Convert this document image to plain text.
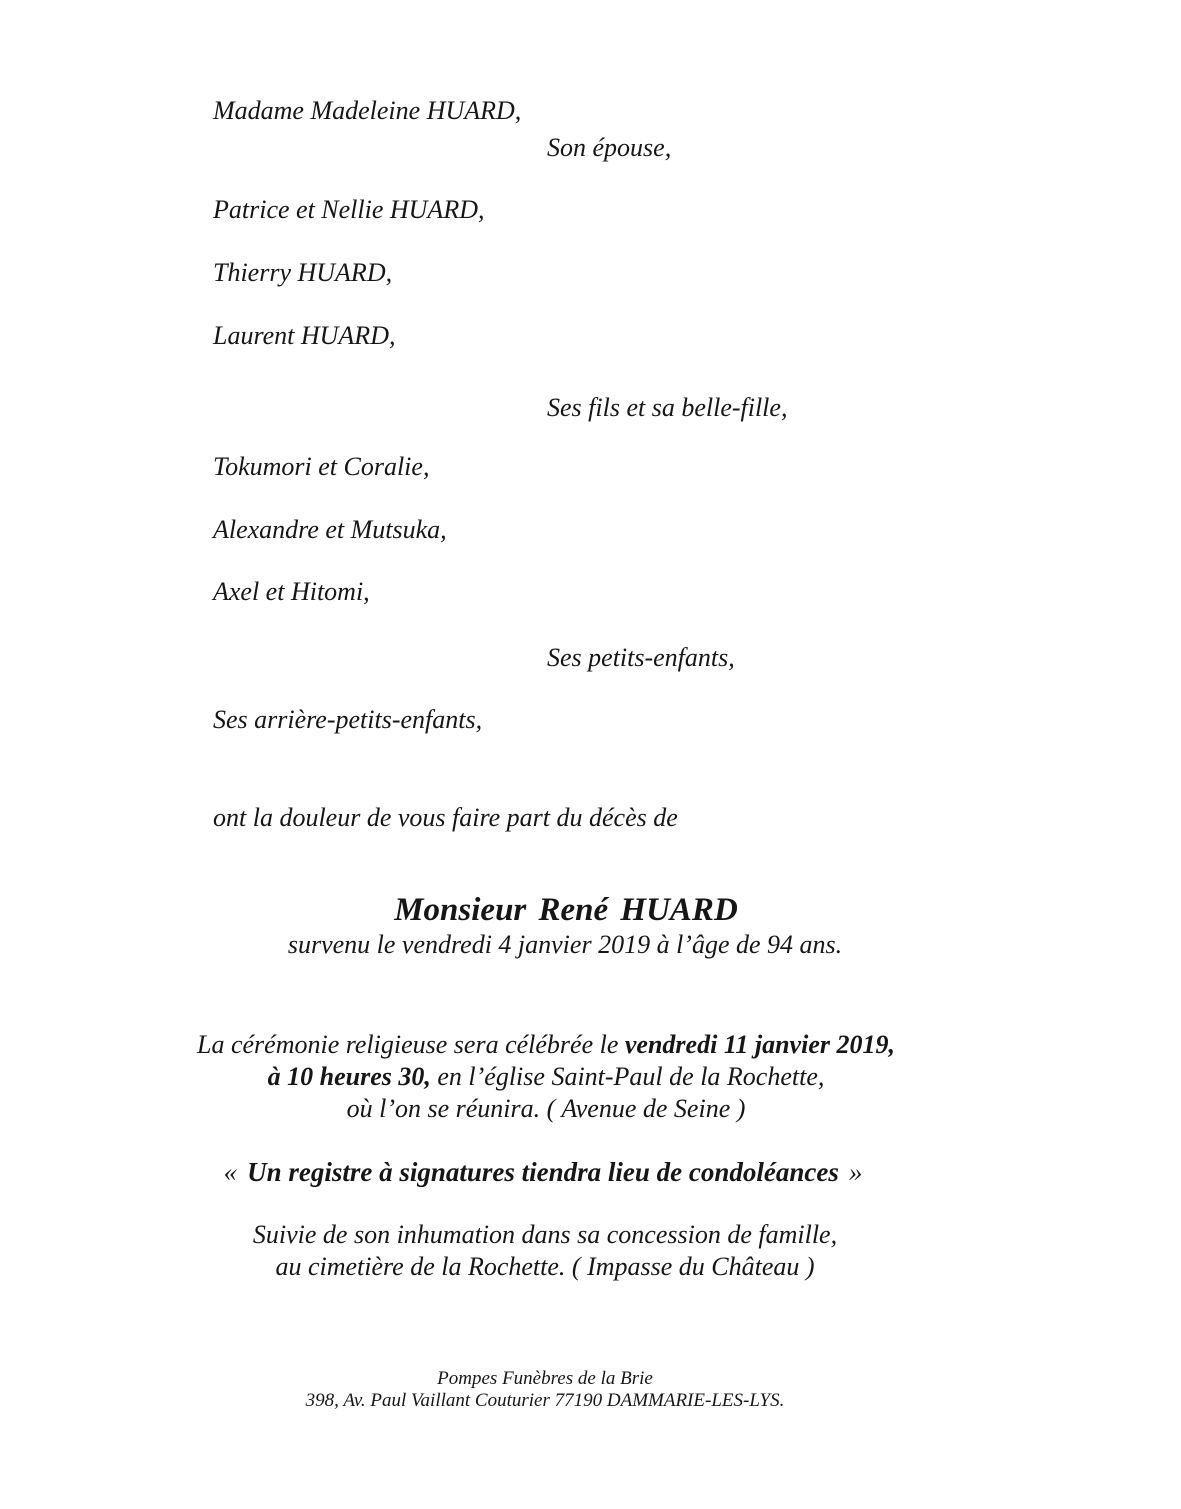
Madame Madeleine HUARD,
Son épouse,
Patrice et Nellie HUARD,
Thierry HUARD,
Laurent HUARD,
Ses fils et sa belle-fille,
Tokumori et Coralie,
Alexandre et Mutsuka,
Axel et Hitomi,
Ses petits-enfants,
Ses arrière-petits-enfants,
ont la douleur de vous faire part du décès de
Monsieur René HUARD
survenu le vendredi 4 janvier 2019 à l’âge de 94 ans.
La cérémonie religieuse sera célébrée le vendredi 11 janvier 2019,
à 10 heures 30, en l’église Saint-Paul de la Rochette,
où l’on se réunira. ( Avenue de Seine )
« Un registre à signatures tiendra lieu de condoléances »
Suivie de son inhumation dans sa concession de famille,
au cimetière de la Rochette. ( Impasse du Château )
Pompes Funèbres de la Brie
398, Av. Paul Vaillant Couturier 77190 DAMMARIE-LES-LYS.
